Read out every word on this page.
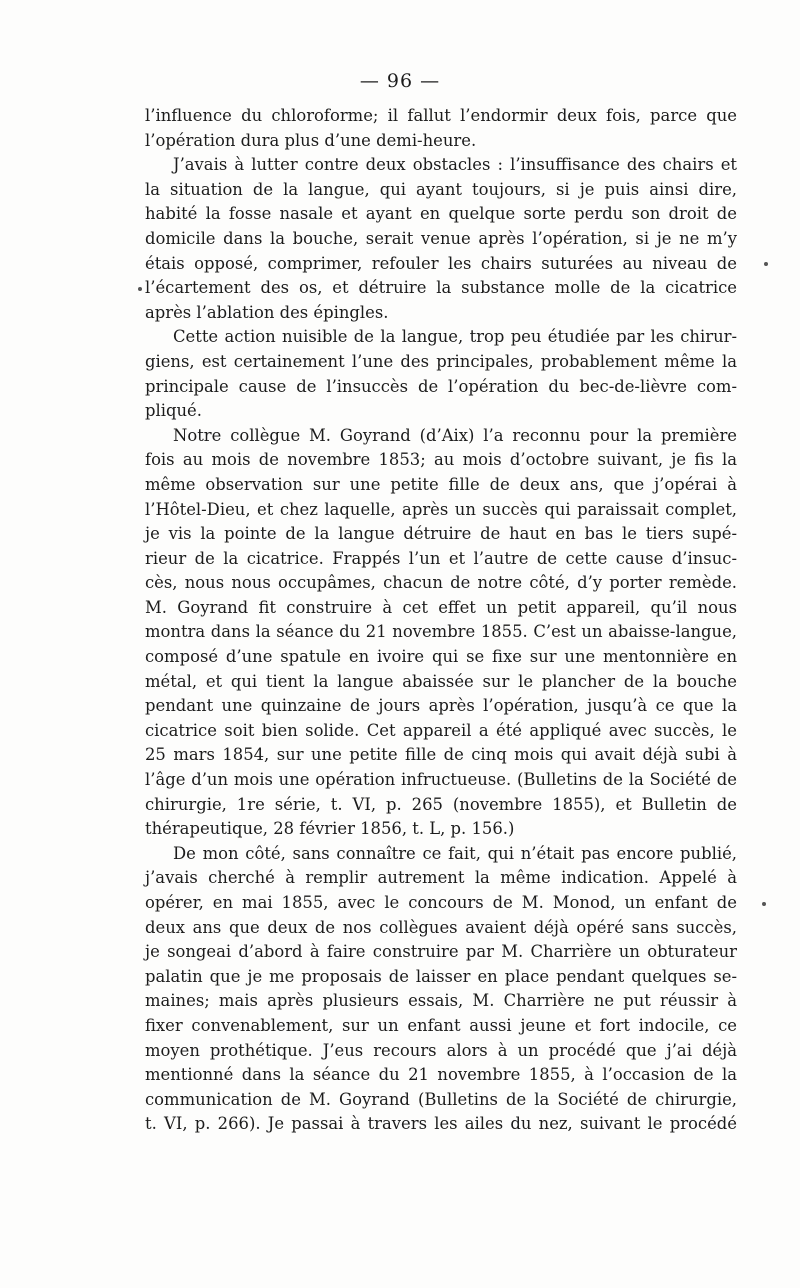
— 96 —
l’influence du chloroforme; il fallut l’endormir deux fois, parce que
l’opération dura plus d’une demi-heure.
J’avais à lutter contre deux obstacles : l’insuffisance des chairs et
la situation de la langue, qui ayant toujours, si je puis ainsi dire,
habité la fosse nasale et ayant en quelque sorte perdu son droit de
domicile dans la bouche, serait venue après l’opération, si je ne m’y
étais opposé, comprimer, refouler les chairs suturées au niveau de
l’écartement des os, et détruire la substance molle de la cicatrice
après l’ablation des épingles.
Cette action nuisible de la langue, trop peu étudiée par les chirur-
giens, est certainement l’une des principales, probablement même la
principale cause de l’insuccès de l’opération du bec-de-lièvre com-
pliqué.
Notre collègue M. Goyrand (d’Aix) l’a reconnu pour la première
fois au mois de novembre 1853; au mois d’octobre suivant, je fis la
même observation sur une petite fille de deux ans, que j’opérai à
l’Hôtel-Dieu, et chez laquelle, après un succès qui paraissait complet,
je vis la pointe de la langue détruire de haut en bas le tiers supé-
rieur de la cicatrice. Frappés l’un et l’autre de cette cause d’insuc-
cès, nous nous occupâmes, chacun de notre côté, d’y porter remède.
M. Goyrand fit construire à cet effet un petit appareil, qu’il nous
montra dans la séance du 21 novembre 1855. C’est un abaisse-langue,
composé d’une spatule en ivoire qui se fixe sur une mentonnière en
métal, et qui tient la langue abaissée sur le plancher de la bouche
pendant une quinzaine de jours après l’opération, jusqu’à ce que la
cicatrice soit bien solide. Cet appareil a été appliqué avec succès, le
25 mars 1854, sur une petite fille de cinq mois qui avait déjà subi à
l’âge d’un mois une opération infructueuse. (Bulletins de la Société de
chirurgie, 1re série, t. VI, p. 265 (novembre 1855), et Bulletin de
thérapeutique, 28 février 1856, t. L, p. 156.)
De mon côté, sans connaître ce fait, qui n’était pas encore publié,
j’avais cherché à remplir autrement la même indication. Appelé à
opérer, en mai 1855, avec le concours de M. Monod, un enfant de
deux ans que deux de nos collègues avaient déjà opéré sans succès,
je songeai d’abord à faire construire par M. Charrière un obturateur
palatin que je me proposais de laisser en place pendant quelques se-
maines; mais après plusieurs essais, M. Charrière ne put réussir à
fixer convenablement, sur un enfant aussi jeune et fort indocile, ce
moyen prothétique. J’eus recours alors à un procédé que j’ai déjà
mentionné dans la séance du 21 novembre 1855, à l’occasion de la
communication de M. Goyrand (Bulletins de la Société de chirurgie,
t. VI, p. 266). Je passai à travers les ailes du nez, suivant le procédé
